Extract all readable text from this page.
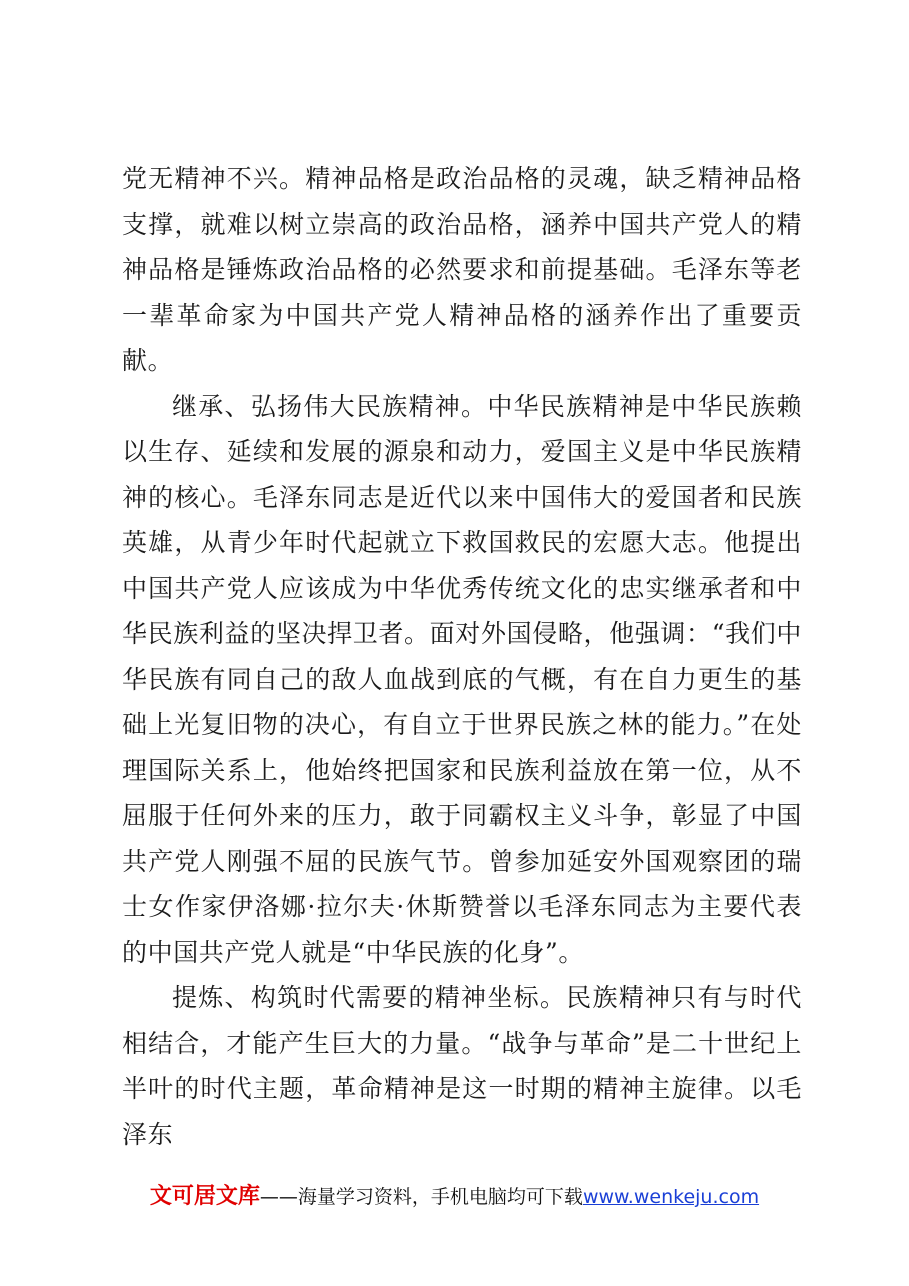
党无精神不兴。精神品格是政治品格的灵魂，缺乏精神品格支撑，就难以树立崇高的政治品格，涵养中国共产党人的精神品格是锤炼政治品格的必然要求和前提基础。毛泽东等老一辈革命家为中国共产党人精神品格的涵养作出了重要贡献。

继承、弘扬伟大民族精神。中华民族精神是中华民族赖以生存、延续和发展的源泉和动力，爱国主义是中华民族精神的核心。毛泽东同志是近代以来中国伟大的爱国者和民族英雄，从青少年时代起就立下救国救民的宏愿大志。他提出中国共产党人应该成为中华优秀传统文化的忠实继承者和中华民族利益的坚决捍卫者。面对外国侵略，他强调：“我们中华民族有同自己的敌人血战到底的气概，有在自力更生的基础上光复旧物的决心，有自立于世界民族之林的能力。”在处理国际关系上，他始终把国家和民族利益放在第一位，从不屈服于任何外来的压力，敢于同霸权主义斗争，彰显了中国共产党人刚强不屈的民族气节。曾参加延安外国观察团的瑞士女作家伊洛娜·拉尔夫·休斯赞誉以毛泽东同志为主要代表的中国共产党人就是“中华民族的化身”。

提炼、构筑时代需要的精神坐标。民族精神只有与时代相结合，才能产生巨大的力量。“战争与革命”是二十世纪上半叶的时代主题，革命精神是这一时期的精神主旋律。以毛泽东

文可居文库——海量学习资料，手机电脑均可下载www.wenkeju.com
